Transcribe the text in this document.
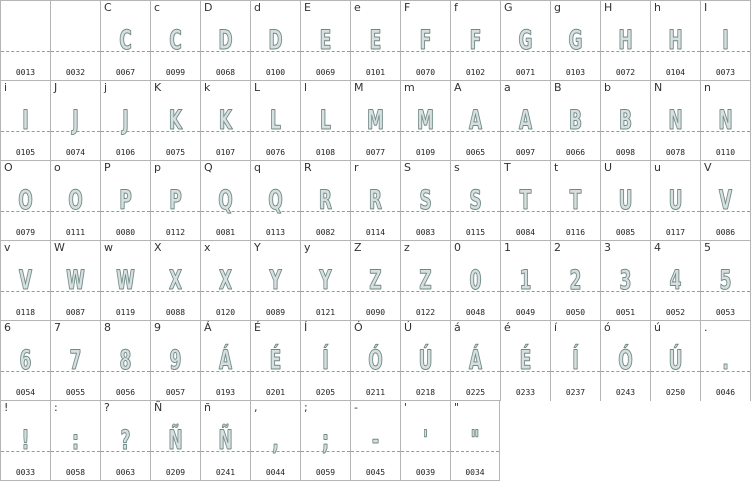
0013	0032
C
C
0067
c
C
0099
D
D
0068
d
D
0100
E
E
0069
e
E
0101
F
F
0070
f
F
0102
G
G
0071
g
G
0103
H
H
0072
h
H
0104
I
I
0073
i
I
0105
J
J
0074
j
J
0106
K
K
0075
k
K
0107
L
L
0076
l
L
0108
M
M
0077
m
M
0109
A
A
0065
a
A
0097
B
B
0066
b
B
0098
N
N
0078
n
N
0110
O
O
0079
o
O
0111
P
P
0080
p
P
0112
Q
Q
0081
q
Q
0113
R
R
0082
r
R
0114
S
S
0083
s
S
0115
T
T
0084
t
T
0116
U
U
0085
u
U
0117
V
V
0086
v
V
0118
W
W
0087
w
W
0119
X
X
0088
x
X
0120
Y
Y
0089
y
Y
0121
Z
Z
0090
z
Z
0122
0
0
0048
1
1
0049
2
2
0050
3
3
0051
4
4
0052
5
5
0053
6
6
0054
7
7
0055
8
8
0056
9
9
0057
Á
Á
0193
É
É
0201
Í
Í
0205
Ó
Ó
0211
Ú
Ú
0218
á
Á
0225
é
É
0233
í
Í
0237
ó
Ó
0243
ú
Ú
0250
.
.
0046
!
!
0033
:
:
0058
?
?
0063
Ñ
Ñ
0209
ñ
Ñ
0241
,
,
0044
;
;
0059
-
-
0045
'
'
0039
"
"
0034
